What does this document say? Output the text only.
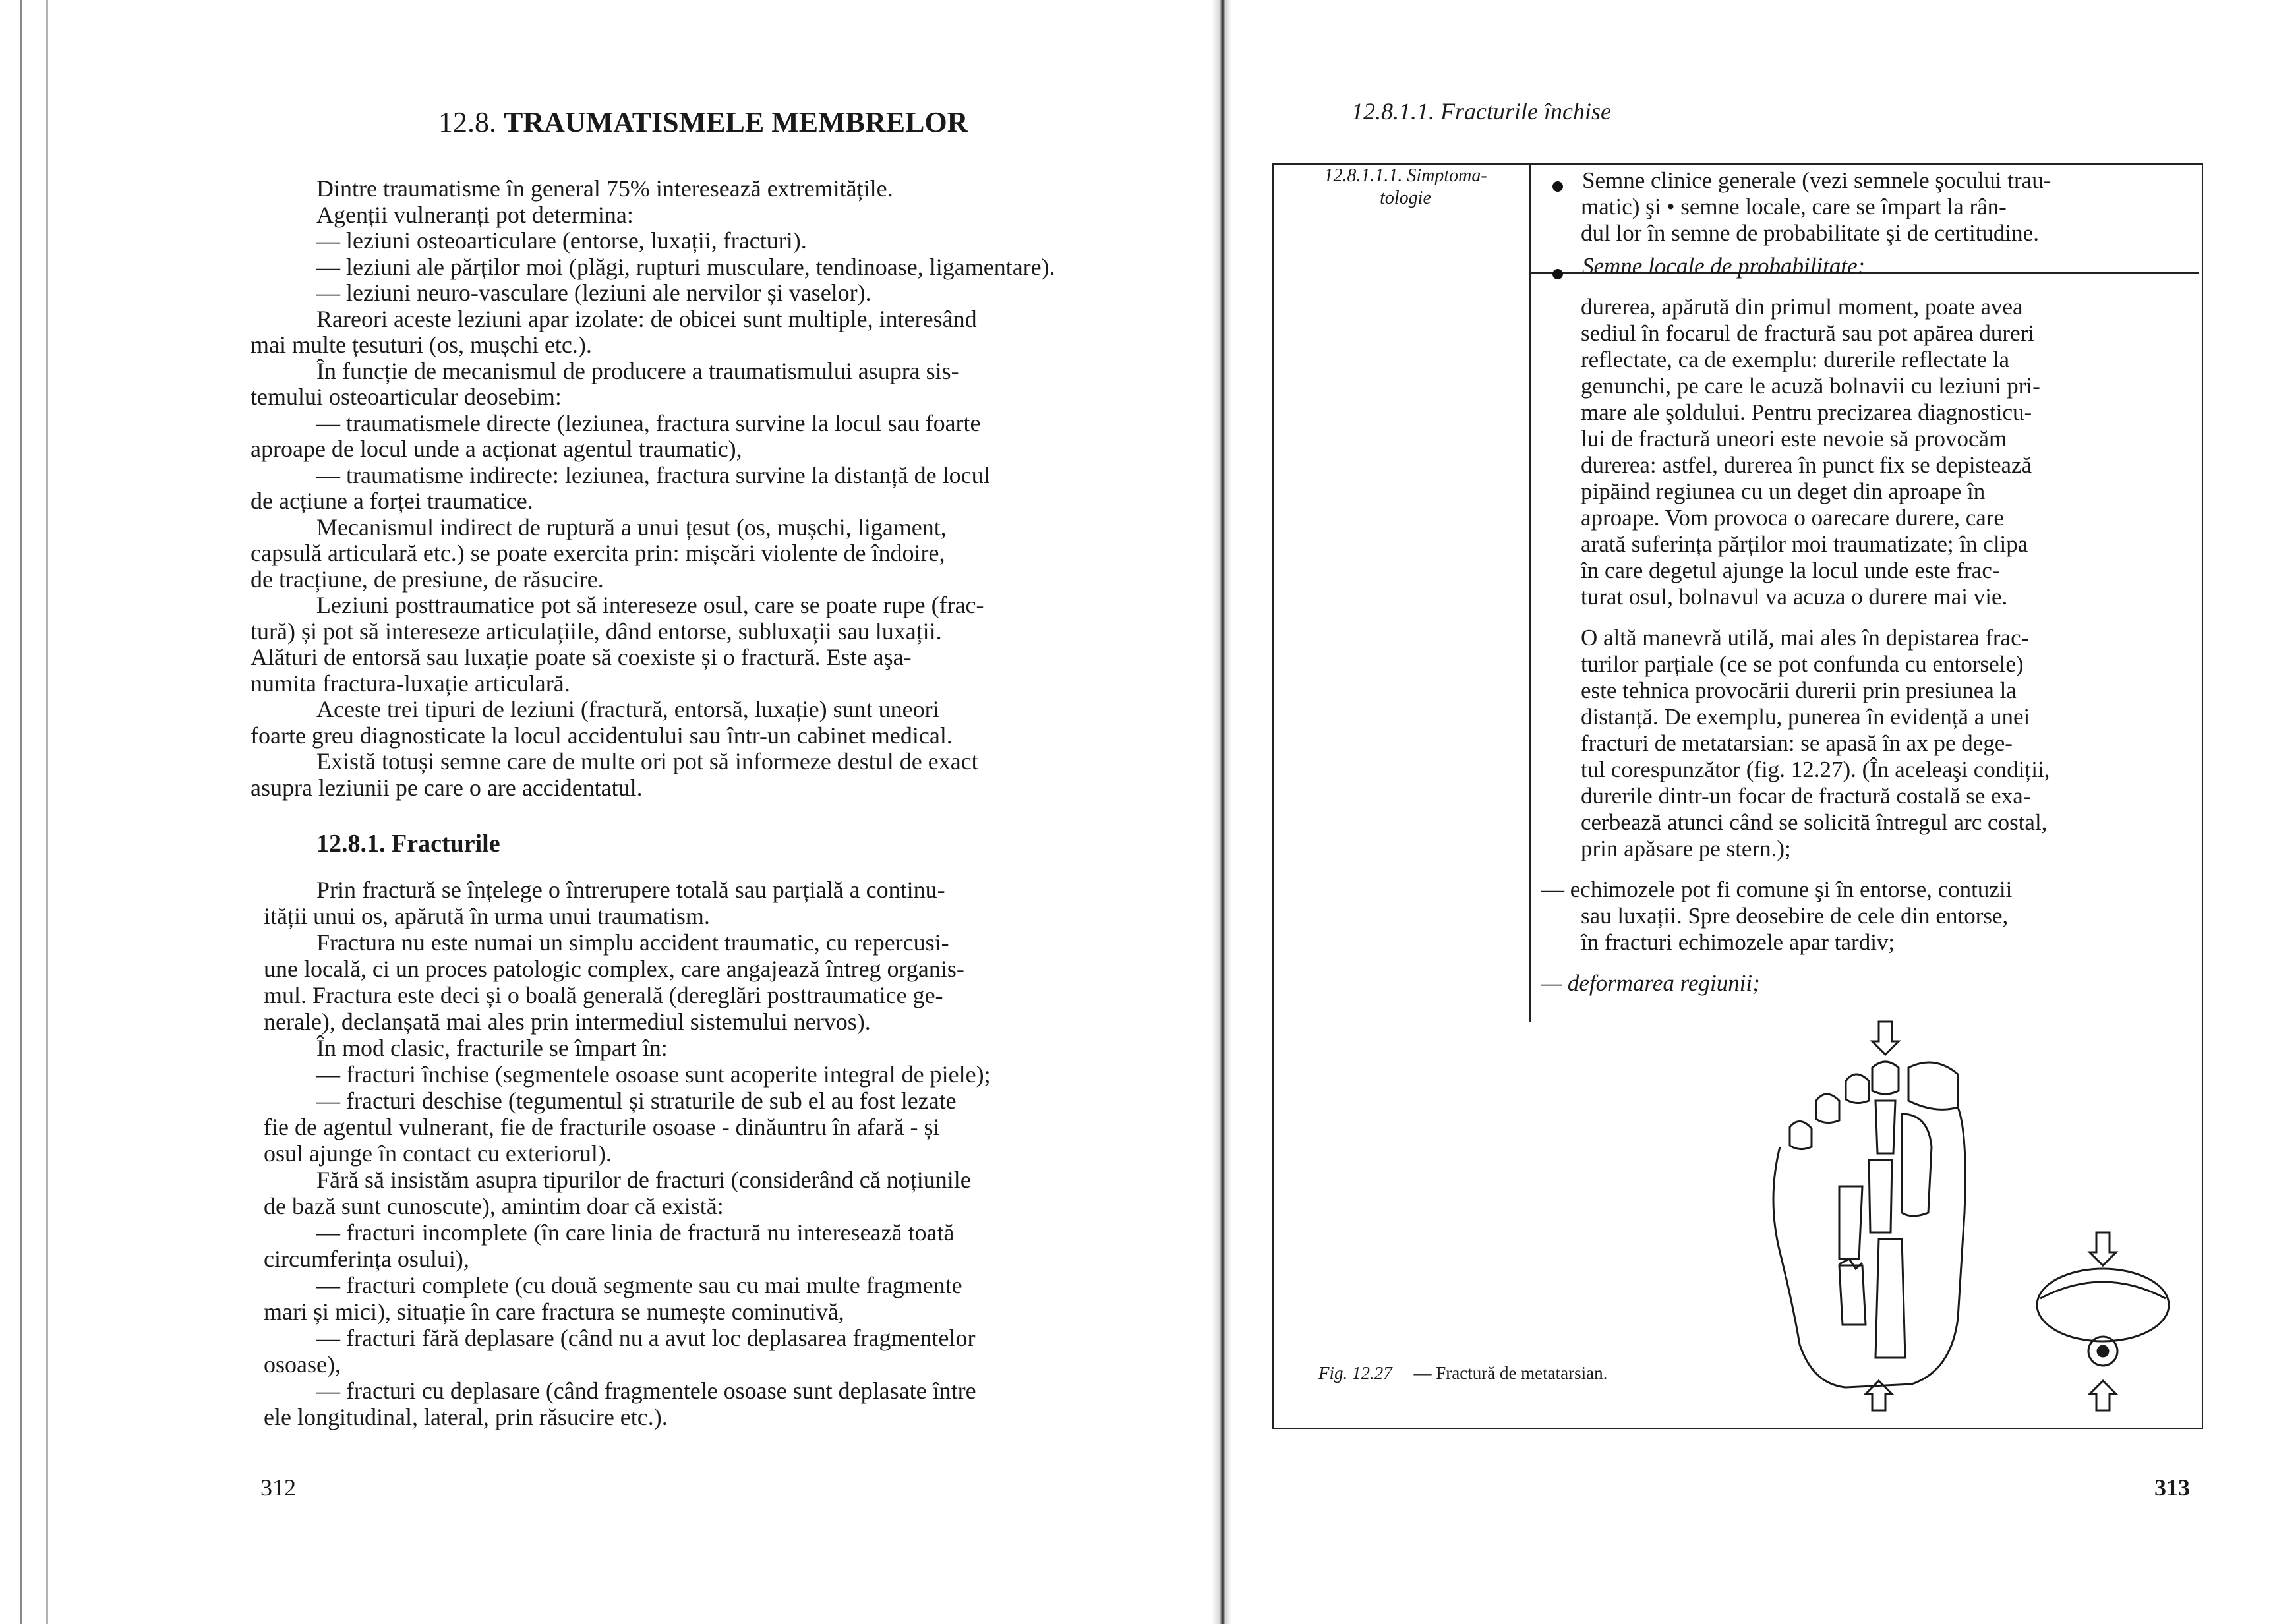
12.8. TRAUMATISMELE MEMBRELOR
Dintre traumatisme în general 75% interesează extremitățile.
Agenții vulneranți pot determina:
— leziuni osteoarticulare (entorse, luxații, fracturi).
— leziuni ale părților moi (plăgi, rupturi musculare, tendinoase, ligamentare).
— leziuni neuro-vasculare (leziuni ale nervilor și vaselor).
Rareori aceste leziuni apar izolate: de obicei sunt multiple, interesând
mai multe țesuturi (os, mușchi etc.).
În funcție de mecanismul de producere a traumatismului asupra sis-
temului osteoarticular deosebim:
— traumatismele directe (leziunea, fractura survine la locul sau foarte
aproape de locul unde a acționat agentul traumatic),
— traumatisme indirecte: leziunea, fractura survine la distanță de locul
de acțiune a forței traumatice.
Mecanismul indirect de ruptură a unui țesut (os, mușchi, ligament,
capsulă articulară etc.) se poate exercita prin: mișcări violente de îndoire,
de tracțiune, de presiune, de răsucire.
Leziuni posttraumatice pot să intereseze osul, care se poate rupe (frac-
tură) și pot să intereseze articulațiile, dând entorse, subluxații sau luxații.
Alături de entorsă sau luxație poate să coexiste și o fractură. Este aşa-
numita fractura-luxație articulară.
Aceste trei tipuri de leziuni (fractură, entorsă, luxație) sunt uneori
foarte greu diagnosticate la locul accidentului sau într-un cabinet medical.
Există totuși semne care de multe ori pot să informeze destul de exact
asupra leziunii pe care o are accidentatul.
12.8.1. Fracturile
Prin fractură se înțelege o întrerupere totală sau parțială a continu-
ității unui os, apărută în urma unui traumatism.
Fractura nu este numai un simplu accident traumatic, cu repercusi-
une locală, ci un proces patologic complex, care angajează întreg organis-
mul. Fractura este deci și o boală generală (dereglări posttraumatice ge-
nerale), declanșată mai ales prin intermediul sistemului nervos).
În mod clasic, fracturile se împart în:
— fracturi închise (segmentele osoase sunt acoperite integral de piele);
— fracturi deschise (tegumentul și straturile de sub el au fost lezate
fie de agentul vulnerant, fie de fracturile osoase - dinăuntru în afară - și
osul ajunge în contact cu exteriorul).
Fără să insistăm asupra tipurilor de fracturi (considerând că noțiunile
de bază sunt cunoscute), amintim doar că există:
— fracturi incomplete (în care linia de fractură nu interesează toată
circumferința osului),
— fracturi complete (cu două segmente sau cu mai multe fragmente
mari și mici), situație în care fractura se numește cominutivă,
— fracturi fără deplasare (când nu a avut loc deplasarea fragmentelor
osoase),
— fracturi cu deplasare (când fragmentele osoase sunt deplasate între
ele longitudinal, lateral, prin răsucire etc.).
312
12.8.1.1. Fracturile închise
12.8.1.1.1. Simptoma-
tologie
Semne clinice generale (vezi semnele şocului trau-
matic) şi • semne locale, care se împart la rân-
dul lor în semne de probabilitate şi de certitudine.
Semne locale de probabilitate:
durerea, apărută din primul moment, poate avea
sediul în focarul de fractură sau pot apărea dureri
reflectate, ca de exemplu: durerile reflectate la
genunchi, pe care le acuză bolnavii cu leziuni pri-
mare ale şoldului. Pentru precizarea diagnosticu-
lui de fractură uneori este nevoie să provocăm
durerea: astfel, durerea în punct fix se depistează
pipăind regiunea cu un deget din aproape în
aproape. Vom provoca o oarecare durere, care
arată suferința părților moi traumatizate; în clipa
în care degetul ajunge la locul unde este frac-
turat osul, bolnavul va acuza o durere mai vie.
O altă manevră utilă, mai ales în depistarea frac-
turilor parțiale (ce se pot confunda cu entorsele)
este tehnica provocării durerii prin presiunea la
distanță. De exemplu, punerea în evidență a unei
fracturi de metatarsian: se apasă în ax pe dege-
tul corespunzător (fig. 12.27). (În aceleaşi condiții,
durerile dintr-un focar de fractură costală se exa-
cerbează atunci când se solicită întregul arc costal,
prin apăsare pe stern.);
— echimozele pot fi comune şi în entorse, contuzii
sau luxații. Spre deosebire de cele din entorse,
în fracturi echimozele apar tardiv;
— deformarea regiunii;
Fig. 12.27 — Fractură de metatarsian.
313
